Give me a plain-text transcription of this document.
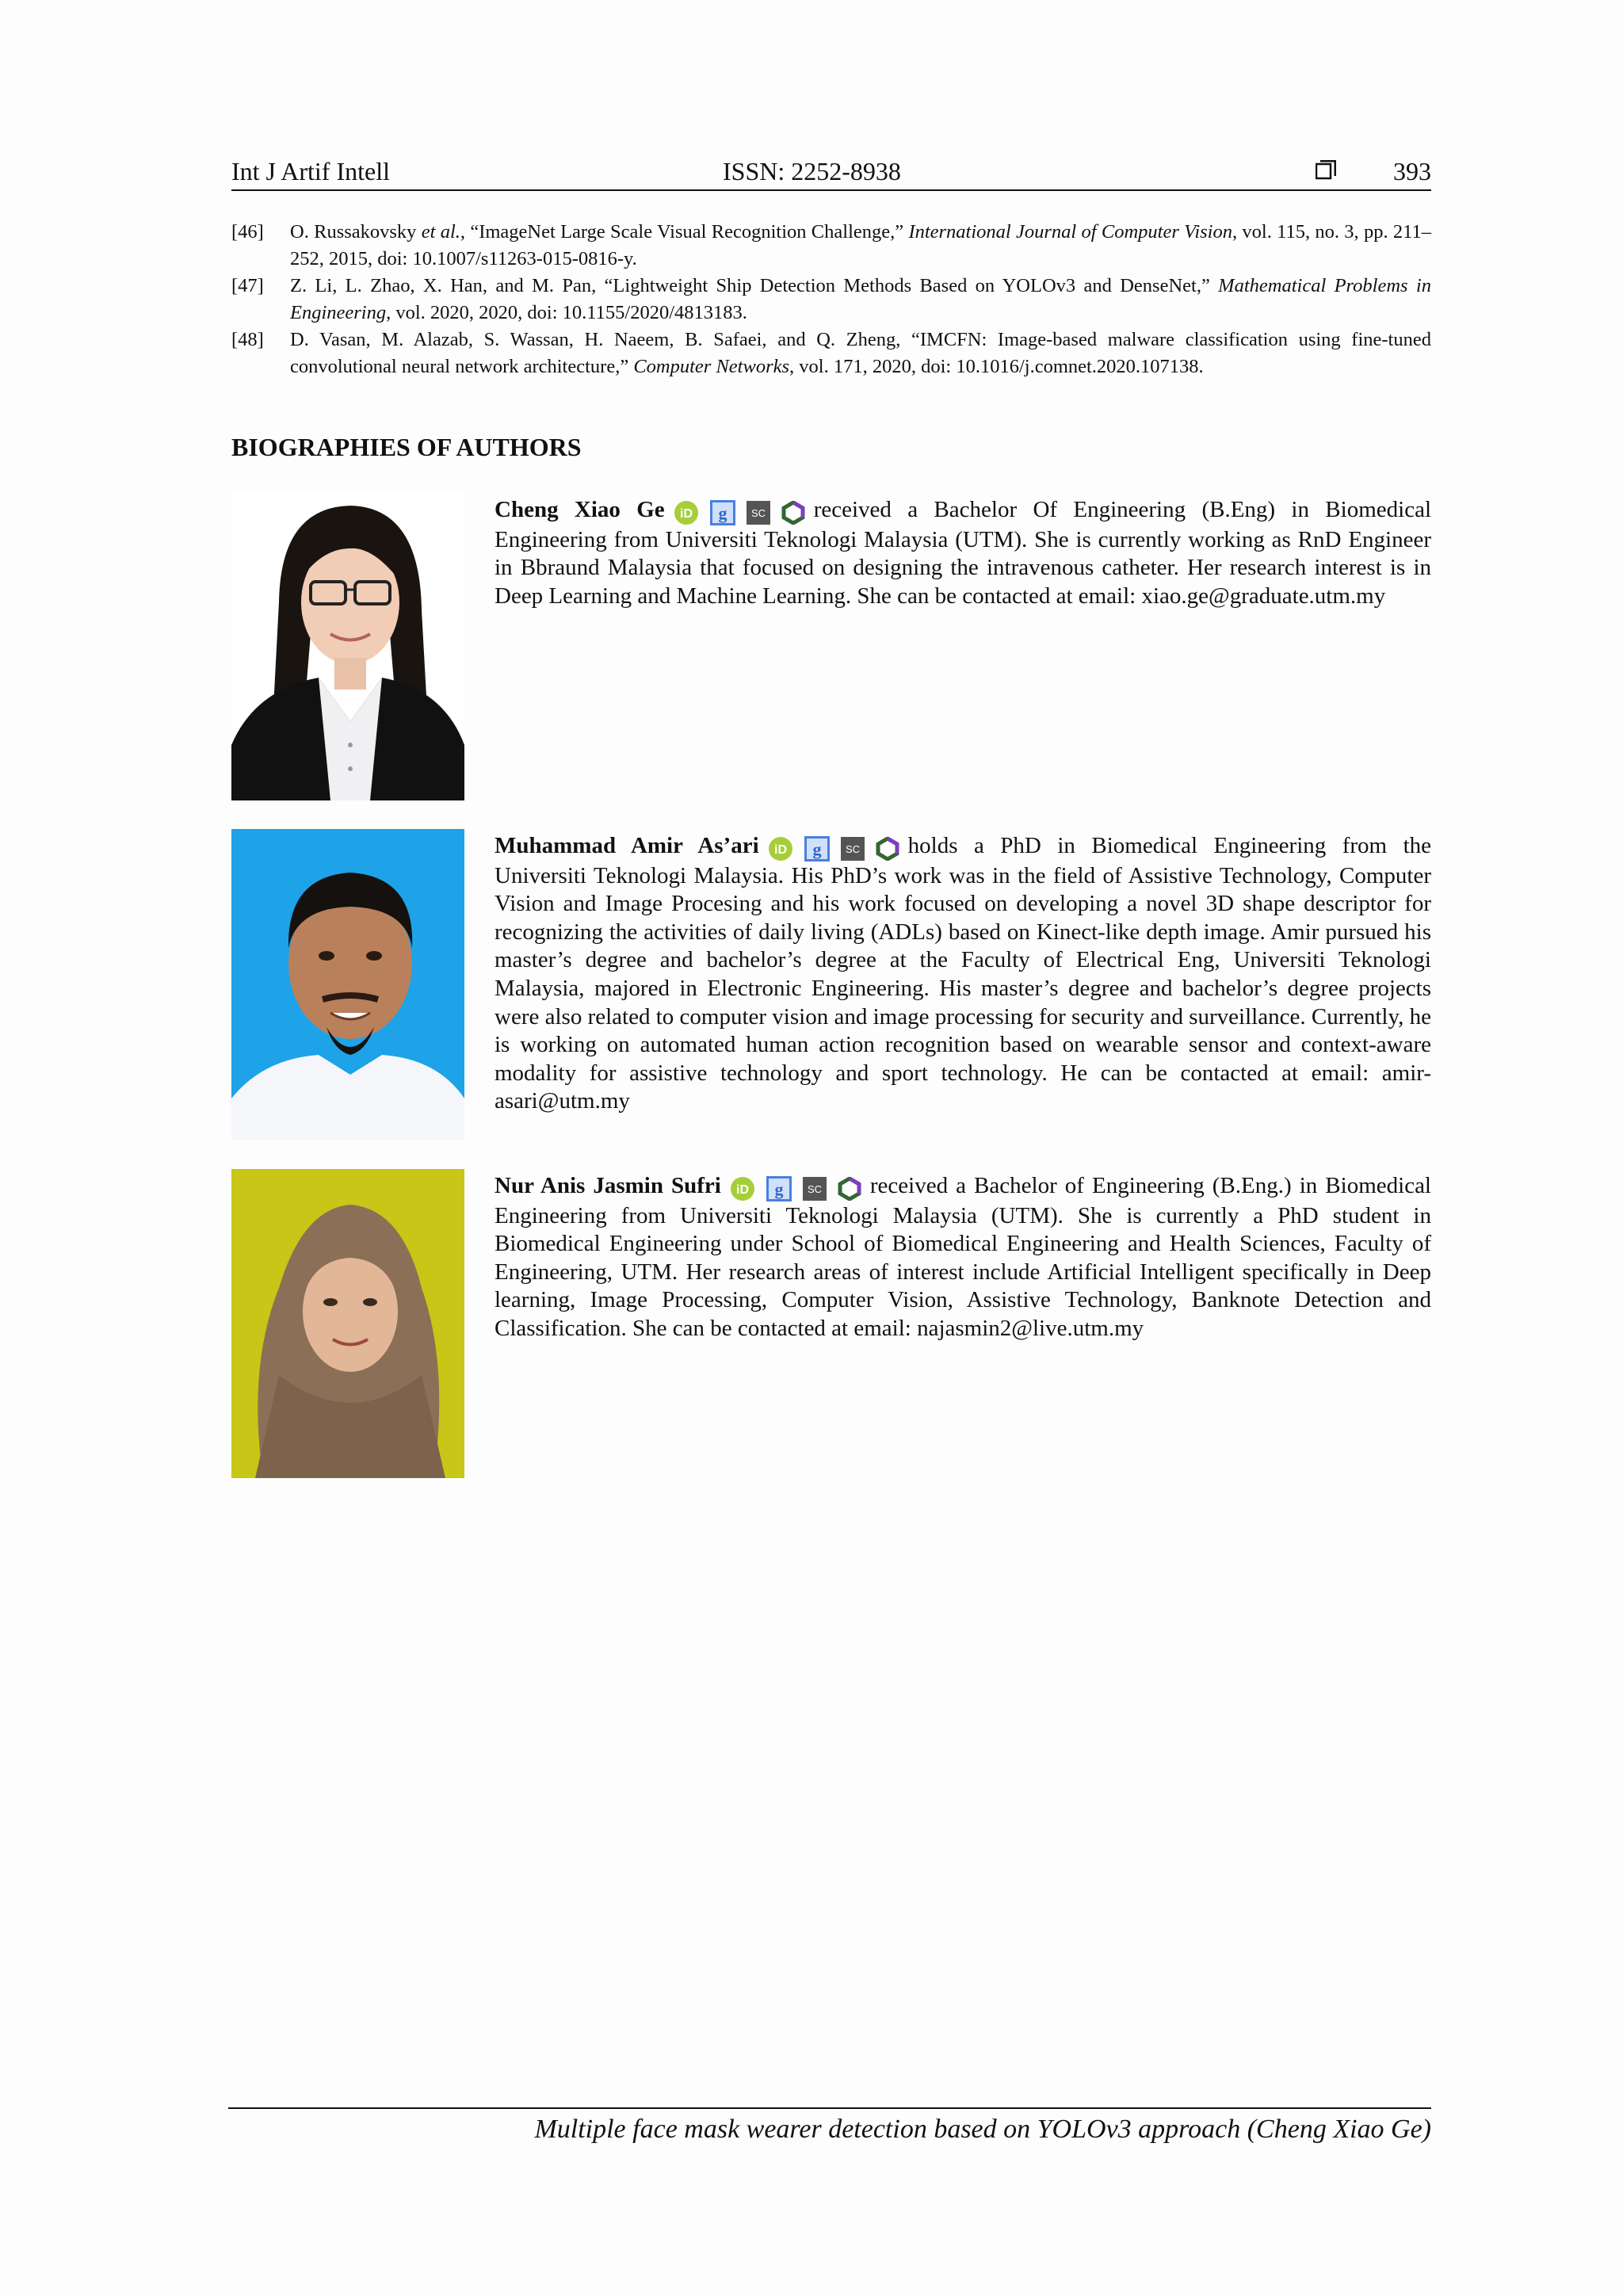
Int J Artif Intell	ISSN: 2252-8938	393
[46] O. Russakovsky et al., “ImageNet Large Scale Visual Recognition Challenge,” International Journal of Computer Vision, vol. 115, no. 3, pp. 211–252, 2015, doi: 10.1007/s11263-015-0816-y.
[47] Z. Li, L. Zhao, X. Han, and M. Pan, “Lightweight Ship Detection Methods Based on YOLOv3 and DenseNet,” Mathematical Problems in Engineering, vol. 2020, 2020, doi: 10.1155/2020/4813183.
[48] D. Vasan, M. Alazab, S. Wassan, H. Naeem, B. Safaei, and Q. Zheng, “IMCFN: Image-based malware classification using fine-tuned convolutional neural network architecture,” Computer Networks, vol. 171, 2020, doi: 10.1016/j.comnet.2020.107138.
BIOGRAPHIES OF AUTHORS
Cheng Xiao Ge iD g SC received a Bachelor Of Engineering (B.Eng) in Biomedical Engineering from Universiti Teknologi Malaysia (UTM). She is currently working as RnD Engineer in Bbraund Malaysia that focused on designing the intravenous catheter. Her research interest is in Deep Learning and Machine Learning. She can be contacted at email: xiao.ge@graduate.utm.my
Muhammad Amir As’ari iD g SC holds a PhD in Biomedical Engineering from the Universiti Teknologi Malaysia. His PhD’s work was in the field of Assistive Technology, Computer Vision and Image Procesing and his work focused on developing a novel 3D shape descriptor for recognizing the activities of daily living (ADLs) based on Kinect-like depth image. Amir pursued his master’s degree and bachelor’s degree at the Faculty of Electrical Eng, Universiti Teknologi Malaysia, majored in Electronic Engineering. His master’s degree and bachelor’s degree projects were also related to computer vision and image processing for security and surveillance. Currently, he is working on automated human action recognition based on wearable sensor and context-aware modality for assistive technology and sport technology. He can be contacted at email: amir-asari@utm.my
Nur Anis Jasmin Sufri iD g SC received a Bachelor of Engineering (B.Eng.) in Biomedical Engineering from Universiti Teknologi Malaysia (UTM). She is currently a PhD student in Biomedical Engineering under School of Biomedical Engineering and Health Sciences, Faculty of Engineering, UTM. Her research areas of interest include Artificial Intelligent specifically in Deep learning, Image Processing, Computer Vision, Assistive Technology, Banknote Detection and Classification. She can be contacted at email: najasmin2@live.utm.my
Multiple face mask wearer detection based on YOLOv3 approach (Cheng Xiao Ge)
